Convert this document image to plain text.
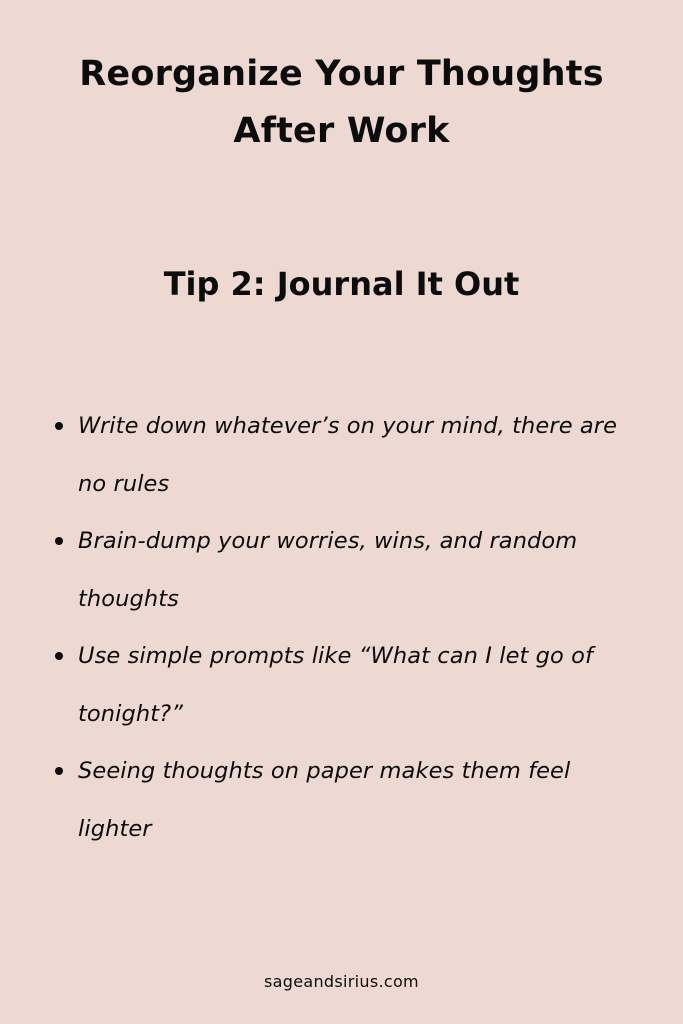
Reorganize Your Thoughts
After Work
Tip 2: Journal It Out
Write down whatever’s on your mind, there are
no rules
Brain-dump your worries, wins, and random
thoughts
Use simple prompts like “What can I let go of
tonight?”
Seeing thoughts on paper makes them feel
lighter

sageandsirius.com
